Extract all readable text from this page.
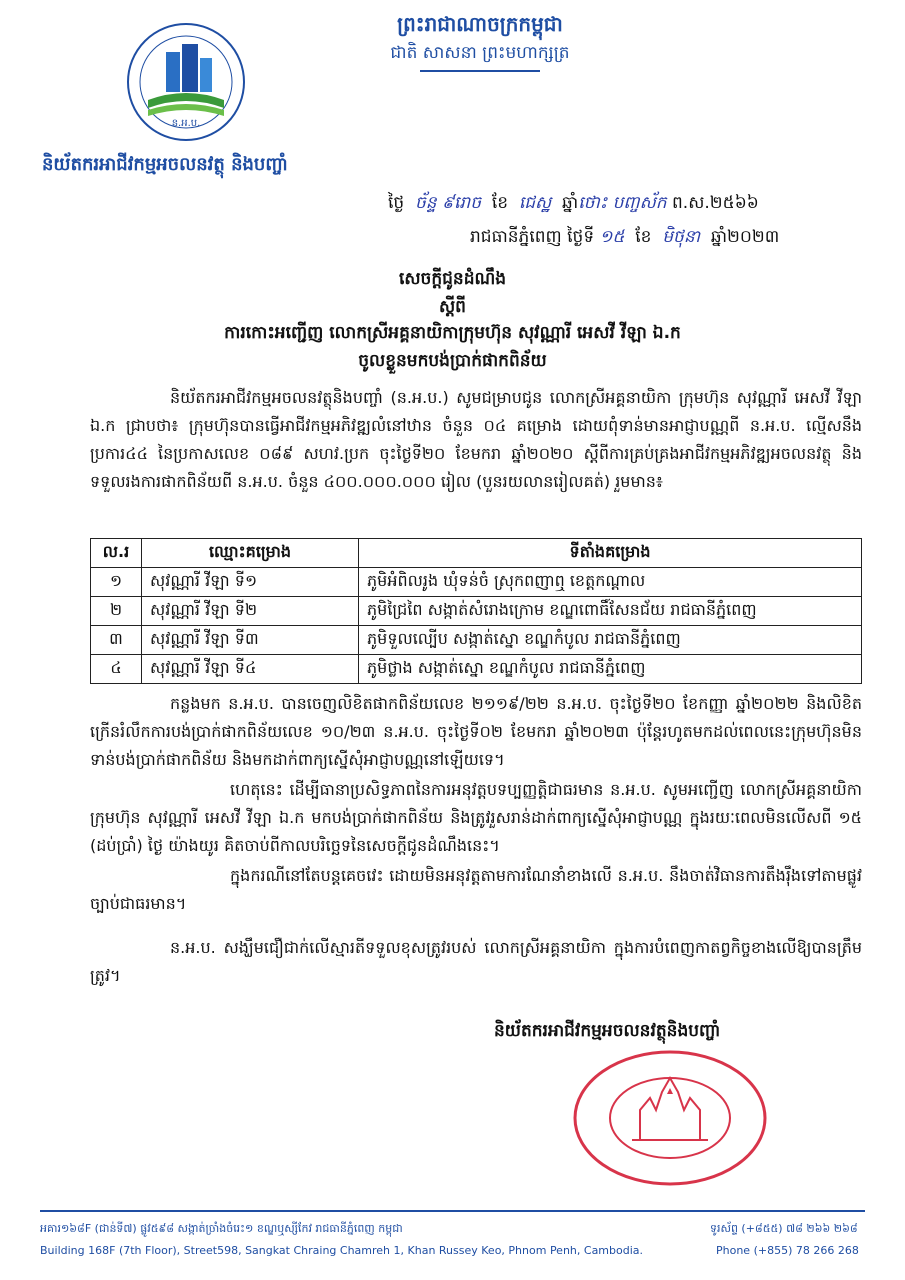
ព្រះរាជាណាចក្រកម្ពុជា
ជាតិ សាសនា ព្រះមហាក្សត្រ
ន.អ.ប.
និយ័តករអាជីវកម្មអចលនវត្ថុ និងបញ្ចាំ
ថ្ងៃ ច័ន្ទ ៩រោច ខែ ជេស្ឋ ឆ្នាំថោះ បញ្ចស័ក ព.ស.២៥៦៦
រាជធានីភ្នំពេញ ថ្ងៃទី ១៥ ខែ មិថុនា ឆ្នាំ២០២៣
សេចក្ដីជូនដំណឹង
ស្ដីពី
ការកោះអញ្ជើញ លោកស្រីអគ្គនាយិកាក្រុមហ៊ុន សុវណ្ណារី អេសវី វីឡា ឯ.ក
ចូលខ្លួនមកបង់ប្រាក់ផាកពិន័យ
និយ័តករអាជីវកម្មអចលនវត្ថុនិងបញ្ចាំ (ន.អ.ប.) សូមជម្រាបជូន លោកស្រីអគ្គនាយិកា ក្រុមហ៊ុន សុវណ្ណារី អេសវី វីឡា ឯ.ក ជ្រាបថា៖ ក្រុមហ៊ុនបានធ្វើអាជីវកម្មអភិវឌ្ឍលំនៅឋាន ចំនួន ០៤ គម្រោង ដោយពុំទាន់មានអាជ្ញាបណ្ណពី ន.អ.ប. ល្មើសនឹងប្រការ៤៤ នៃប្រកាសលេខ ០៨៩ សហវ.ប្រក ចុះថ្ងៃទី២០ ខែមករា ឆ្នាំ២០២០ ស្ដីពីការគ្រប់គ្រងអាជីវកម្មអភិវឌ្ឍអចលនវត្ថុ និងទទួលរងការផាកពិន័យពី ន.អ.ប. ចំនួន ៤០០.០០០.០០០ រៀល (បួនរយលានរៀលគត់) រួមមាន៖
ល.រ	ឈ្មោះគម្រោង	ទីតាំងគម្រោង
១	សុវណ្ណារី វីឡា ទី១	ភូមិអំពិលរូង ឃុំទន់ចំ ស្រុកពញាឮ ខេត្តកណ្ដាល
២	សុវណ្ណារី វីឡា ទី២	ភូមិជ្រៃពៃ សង្កាត់សំរោងក្រោម ខណ្ឌពោធិ៍សែនជ័យ រាជធានីភ្នំពេញ
៣	សុវណ្ណារី វីឡា ទី៣	ភូមិទួលល្បើប សង្កាត់ស្នោ ខណ្ឌកំបូល រាជធានីភ្នំពេញ
៤	សុវណ្ណារី វីឡា ទី៤	ភូមិថ្លាង សង្កាត់ស្នោ ខណ្ឌកំបូល រាជធានីភ្នំពេញ
កន្លងមក ន.អ.ប. បានចេញលិខិតផាកពិន័យលេខ ២១១៩/២២ ន.អ.ប. ចុះថ្ងៃទី២០ ខែកញ្ញា ឆ្នាំ២០២២ និងលិខិតក្រើនរំលឹកការបង់ប្រាក់ផាកពិន័យលេខ ១០/២៣ ន.អ.ប. ចុះថ្ងៃទី០២ ខែមករា ឆ្នាំ២០២៣ ប៉ុន្តែរហូតមកដល់ពេលនេះក្រុមហ៊ុនមិនទាន់បង់ប្រាក់ផាកពិន័យ និងមកដាក់ពាក្យស្នើសុំអាជ្ញាបណ្ណនៅឡើយទេ។
ហេតុនេះ ដើម្បីធានាប្រសិទ្ធភាពនៃការអនុវត្តបទប្បញ្ញត្តិជាធរមាន ន.អ.ប. សូមអញ្ជើញ លោកស្រីអគ្គនាយិកា ក្រុមហ៊ុន សុវណ្ណារី អេសវី វីឡា ឯ.ក មកបង់ប្រាក់ផាកពិន័យ និងត្រូវរួសរាន់ដាក់ពាក្យស្នើសុំអាជ្ញាបណ្ណ ក្នុងរយៈពេលមិនលើសពី ១៥ (ដប់ប្រាំ) ថ្ងៃ យ៉ាងយូរ គិតចាប់ពីកាលបរិច្ឆេទនៃសេចក្ដីជូនដំណឹងនេះ។
ក្នុងករណីនៅតែបន្តគេចវេះ ដោយមិនអនុវត្តតាមការណែនាំខាងលើ ន.អ.ប. នឹងចាត់វិធានការតឹងរ៉ឹងទៅតាមផ្លូវច្បាប់ជាធរមាន។
ន.អ.ប. សង្ឃឹមជឿជាក់លើស្មារតីទទួលខុសត្រូវរបស់ លោកស្រីអគ្គនាយិកា ក្នុងការបំពេញកាតព្វកិច្ចខាងលើឱ្យបានត្រឹមត្រូវ។
និយ័តករអាជីវកម្មអចលនវត្ថុនិងបញ្ចាំ
អគារ១៦៨F (ជាន់ទី៧) ផ្លូវ៥៩៨ សង្កាត់ច្រាំងចំរេះ១ ខណ្ឌឬស្សីកែវ រាជធានីភ្នំពេញ កម្ពុជា
Building 168F (7th Floor), Street598, Sangkat Chraing Chamreh 1, Khan Russey Keo, Phnom Penh, Cambodia.
ទូរស័ព្ទ (+៨៥៥) ៧៨ ២៦៦ ២៦៨
Phone (+855) 78 266 268
